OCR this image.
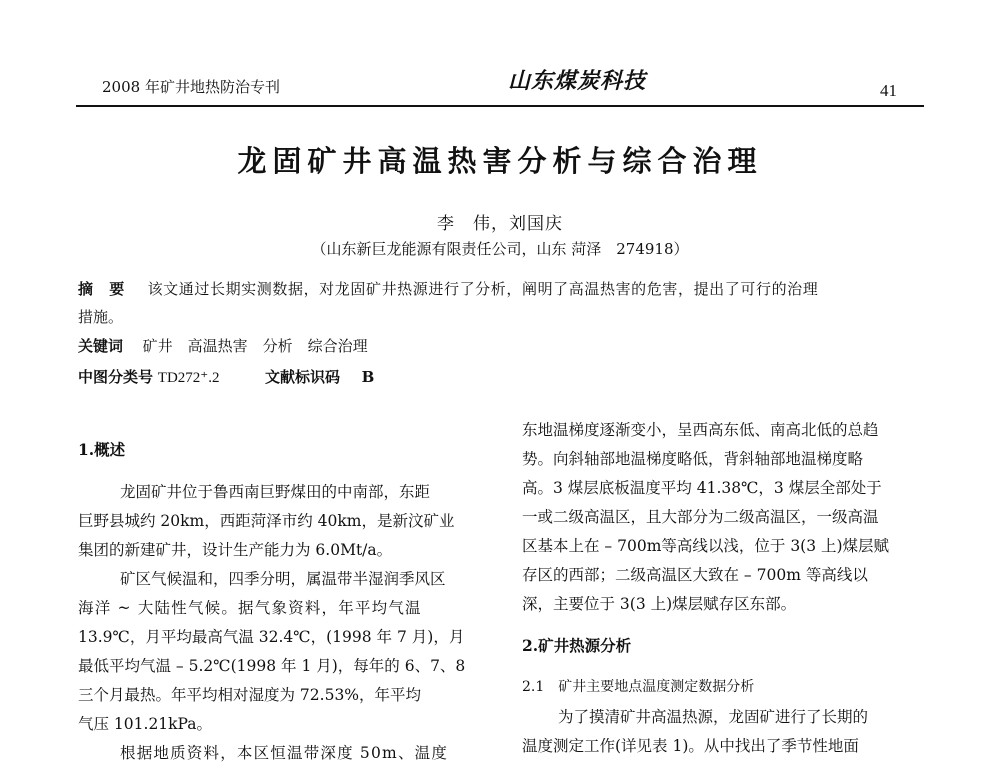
2008 年矿井地热防治专刊	山东煤炭科技	41
龙固矿井高温热害分析与综合治理
李　伟，刘国庆
（山东新巨龙能源有限责任公司，山东 菏泽　274918）
摘　要 该文通过长期实测数据，对龙固矿井热源进行了分析，阐明了高温热害的危害，提出了可行的治理
措施。
关键词 矿井　高温热害　分析　综合治理
中图分类号 TD272⁺.2	文献标识码 B
1.概述
龙固矿井位于鲁西南巨野煤田的中南部，东距
巨野县城约 20km，西距菏泽市约 40km，是新汶矿业
集团的新建矿井，设计生产能力为 6.0Mt/a。
矿区气候温和，四季分明，属温带半湿润季风区
海洋 ~ 大陆性气候。据气象资料，年平均气温
13.9℃，月平均最高气温 32.4℃，(1998 年 7 月)，月
最低平均气温 – 5.2℃(1998 年 1 月)，每年的 6、7、8
三个月最热。年平均相对湿度为 72.53%，年平均
气压 101.21kPa。
根据地质资料，本区恒温带深度 50m、温度
东地温梯度逐渐变小，呈西高东低、南高北低的总趋
势。向斜轴部地温梯度略低，背斜轴部地温梯度略
高。3 煤层底板温度平均 41.38℃，3 煤层全部处于
一或二级高温区，且大部分为二级高温区，一级高温
区基本上在 – 700m等高线以浅，位于 3(3 上)煤层赋
存区的西部；二级高温区大致在 – 700m 等高线以
深，主要位于 3(3 上)煤层赋存区东部。
2.矿井热源分析
2.1　矿井主要地点温度测定数据分析
为了摸清矿井高温热源，龙固矿进行了长期的
温度测定工作(详见表 1)。从中找出了季节性地面
